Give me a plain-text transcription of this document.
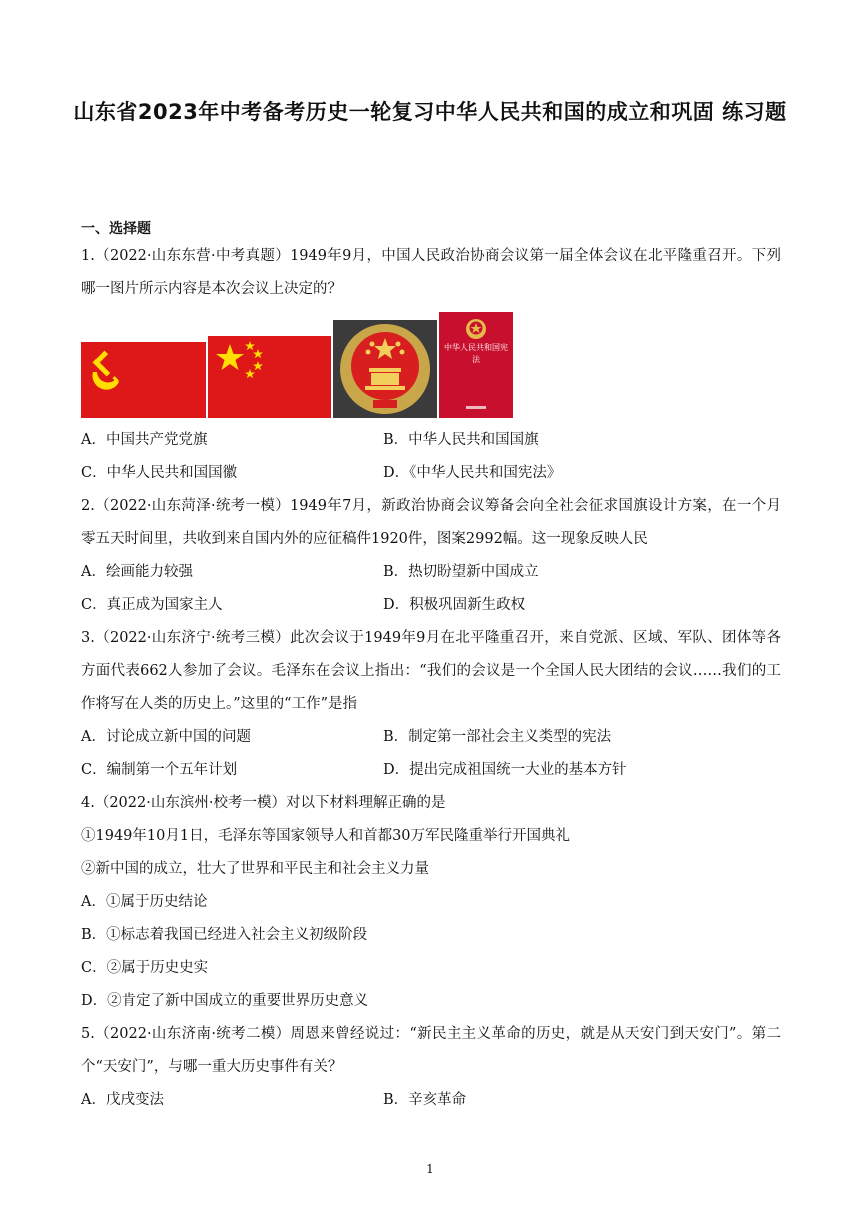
山东省2023年中考备考历史一轮复习中华人民共和国的成立和巩固 练习题
一、选择题
1.（2022·山东东营·中考真题）1949年9月，中国人民政治协商会议第一届全体会议在北平隆重召开。下列哪一图片所示内容是本次会议上决定的？
中华人民共和国宪法
A．中国共产党党旗	B．中华人民共和国国旗
C．中华人民共和国国徽	D．《中华人民共和国宪法》
2.（2022·山东菏泽·统考一模）1949年7月，新政治协商会议筹备会向全社会征求国旗设计方案，在一个月零五天时间里，共收到来自国内外的应征稿件1920件，图案2992幅。这一现象反映人民
A．绘画能力较强	B．热切盼望新中国成立
C．真正成为国家主人	D．积极巩固新生政权
3.（2022·山东济宁·统考三模）此次会议于1949年9月在北平隆重召开，来自党派、区域、军队、团体等各方面代表662人参加了会议。毛泽东在会议上指出：“我们的会议是一个全国人民大团结的会议……我们的工作将写在人类的历史上。”这里的“工作”是指
A．讨论成立新中国的问题	B．制定第一部社会主义类型的宪法
C．编制第一个五年计划	D．提出完成祖国统一大业的基本方针
4.（2022·山东滨州·校考一模）对以下材料理解正确的是
①1949年10月1日，毛泽东等国家领导人和首都30万军民隆重举行开国典礼
②新中国的成立，壮大了世界和平民主和社会主义力量
A．①属于历史结论
B．①标志着我国已经进入社会主义初级阶段
C．②属于历史史实
D．②肯定了新中国成立的重要世界历史意义
5.（2022·山东济南·统考二模）周恩来曾经说过：“新民主主义革命的历史，就是从天安门到天安门”。第二个“天安门”，与哪一重大历史事件有关？
A．戊戌变法	B．辛亥革命
1
